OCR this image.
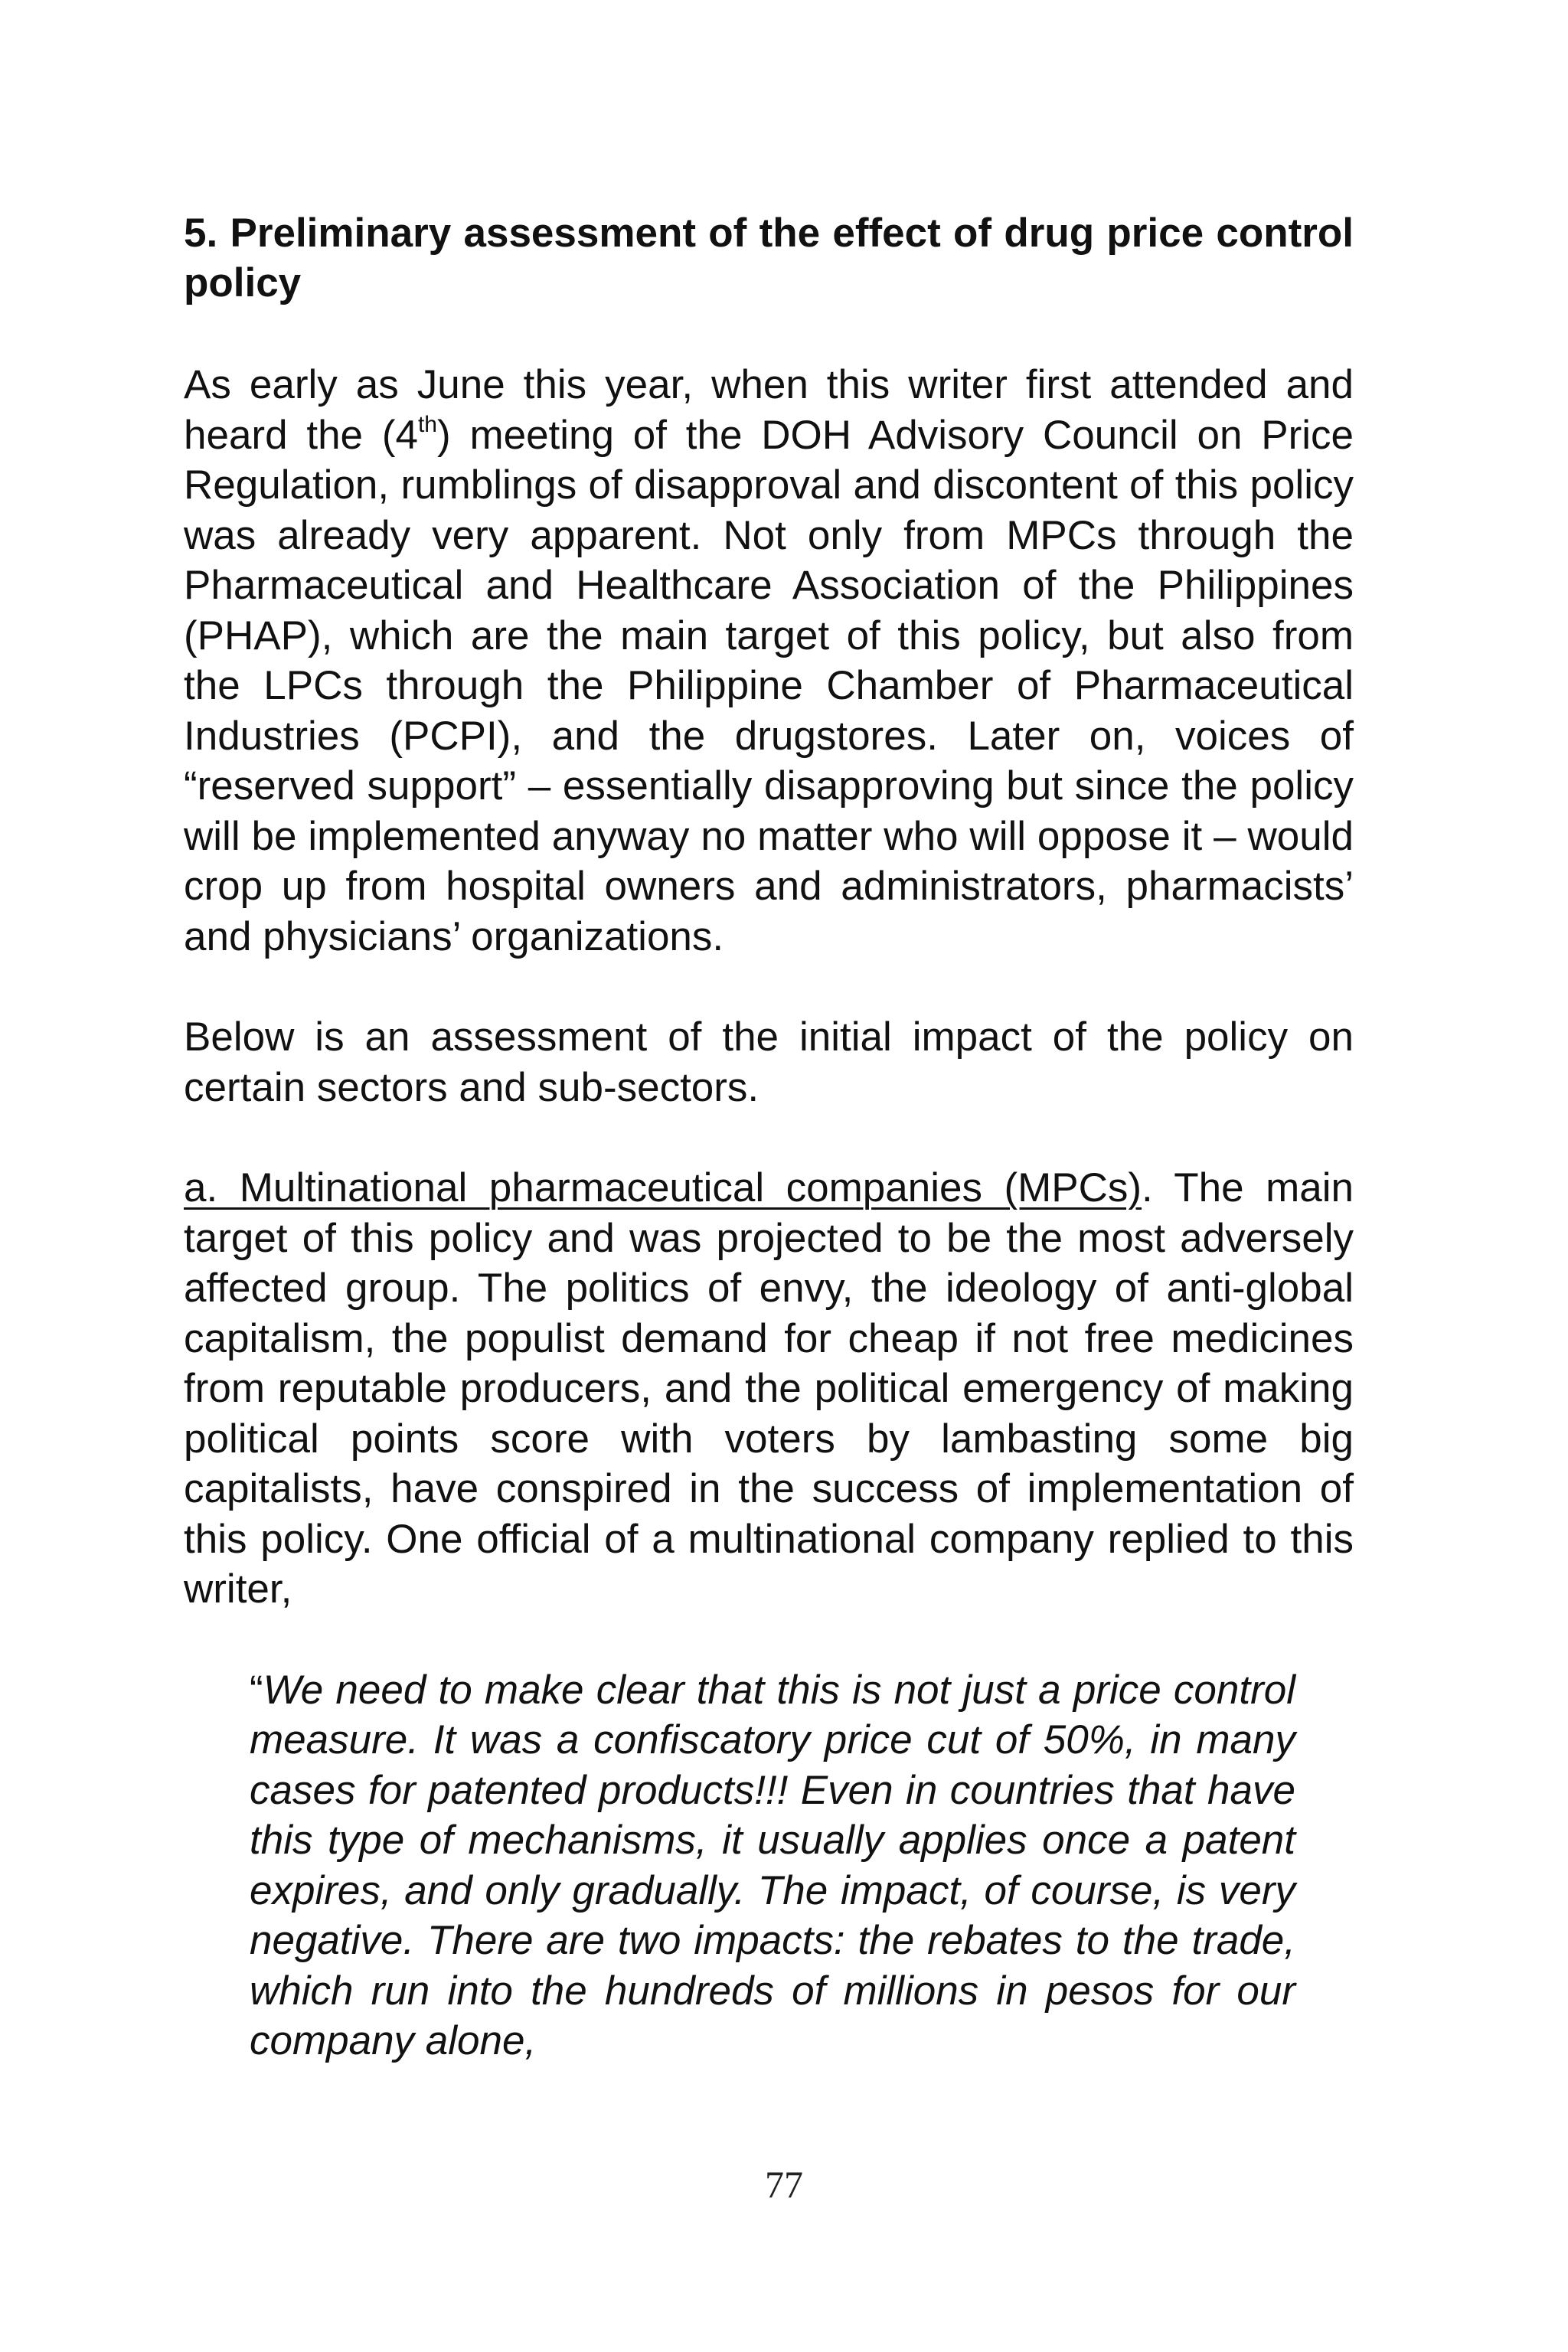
5. Preliminary assessment of the effect of drug price control policy

As early as June this year, when this writer first attended and heard the (4th) meeting of the DOH Advisory Council on Price Regulation, rumblings of disapproval and discontent of this policy was already very apparent. Not only from MPCs through the Pharmaceutical and Healthcare Association of the Philippines (PHAP), which are the main target of this policy, but also from the LPCs through the Philippine Chamber of Pharmaceutical Industries (PCPI), and the drugstores. Later on, voices of “reserved support” – essentially disapproving but since the policy will be implemented anyway no matter who will oppose it – would crop up from hospital owners and administrators, pharmacists’ and physicians’ organizations.

Below is an assessment of the initial impact of the policy on certain sectors and sub-sectors.

a. Multinational pharmaceutical companies (MPCs). The main target of this policy and was projected to be the most adversely affected group. The politics of envy, the ideology of anti-global capitalism, the populist demand for cheap if not free medicines from reputable producers, and the political emergency of making political points score with voters by lambasting some big capitalists, have conspired in the success of implementation of this policy. One official of a multinational company replied to this writer,

“We need to make clear that this is not just a price control measure. It was a confiscatory price cut of 50%, in many cases for patented products!!! Even in countries that have this type of mechanisms, it usually applies once a patent expires, and only gradually. The impact, of course, is very negative. There are two impacts: the rebates to the trade, which run into the hundreds of millions in pesos for our company alone,

77
